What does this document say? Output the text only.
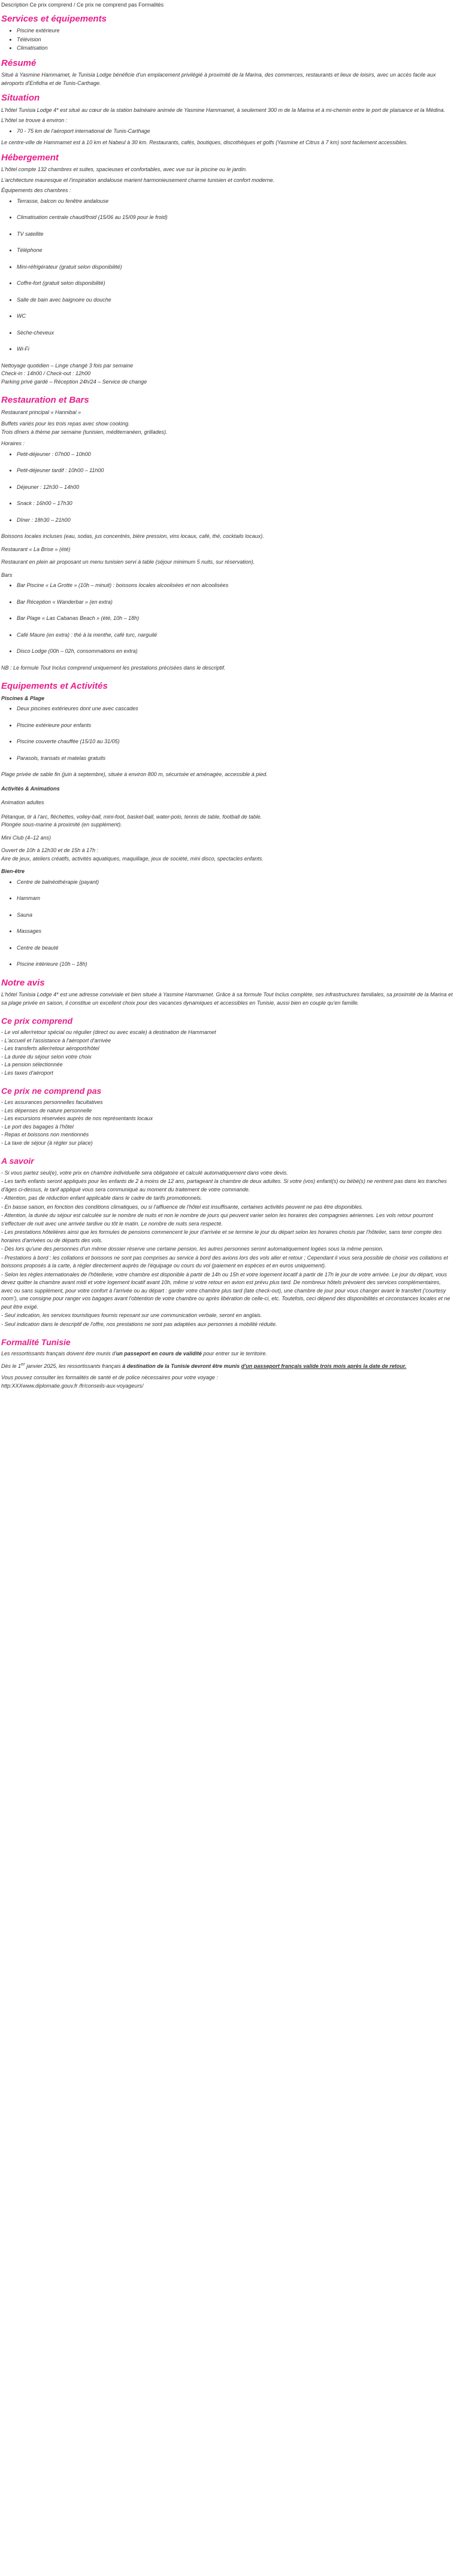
Description Ce prix comprend / Ce prix ne comprend pas Formalités

Services et équipements
• Piscine extérieure
• Télévision
• Climatisation
Résumé

Situé à Yasmine Hammamet, le Tunisia Lodge bénéficie d'un emplacement privilégié à proximité de la Marina, des commerces, restaurants et lieux de loisirs, avec un accès facile aux aéroports d'Enfidha et de Tunis-Carthage.

Situation

L'hôtel Tunisia Lodge 4* est situé au cœur de la station balnéaire animée de Yasmine Hammamet, à seulement 300 m de la Marina et à mi-chemin entre le port de plaisance et la Médina.

L'hôtel se trouve à environ :

• 70 - 75 km de l'aéroport international de Tunis-Carthage

Le centre-ville de Hammamet est à 10 km et Nabeul à 30 km. Restaurants, cafés, boutiques, discothèques et golfs (Yasmine et Citrus à 7 km) sont facilement accessibles.

Hébergement

L'hôtel compte 132 chambres et suites, spacieuses et confortables, avec vue sur la piscine ou le jardin.

L'architecture mauresque et l'inspiration andalouse marient harmonieusement charme tunisien et confort moderne.

Équipements des chambres :

• Terrasse, balcon ou fenêtre andalouse
• Climatisation centrale chaud/froid (15/06 au 15/09 pour le froid)
• TV satellite
• Téléphone
• Mini-réfrigérateur (gratuit selon disponibilité)
• Coffre-fort (gratuit selon disponibilité)
• Salle de bain avec baignoire ou douche
• WC
• Sèche-cheveux
• Wi-Fi

Nettoyage quotidien – Linge changé 3 fois par semaine

Check-in : 14h00 / Check-out : 12h00

Parking privé gardé – Réception 24h/24 – Service de change

Restauration et Bars

Restaurant principal « Hannibal »

Buffets variés pour les trois repas avec show cooking.

Trois dîners à thème par semaine (tunisien, méditerranéen, grillades).

Horaires :

• Petit-déjeuner : 07h00 – 10h00
• Petit-déjeuner tardif : 10h00 – 11h00
• Déjeuner : 12h30 – 14h00
• Snack : 16h00 – 17h30
• Dîner : 18h30 – 21h00

Boissons locales incluses (eau, sodas, jus concentrés, bière pression, vins locaux, café, thé, cocktails locaux).

Restaurant « La Brise » (été)

Restaurant en plein air proposant un menu tunisien servi à table (séjour minimum 5 nuits, sur réservation).

Bars

• Bar Piscine « La Grotte » (10h – minuit) : boissons locales alcoolisées et non alcoolisées
• Bar Réception « Wanderbar » (en extra)
• Bar Plage « Las Cabanas Beach » (été, 10h – 18h)
• Café Maure (en extra) : thé à la menthe, café turc, narguilé
• Disco Lodge (00h – 02h, consommations en extra)

NB : Le formule Tout Inclus comprend uniquement les prestations précisées dans le descriptif.

Equipements et Activités

Piscines & Plage

• Deux piscines extérieures dont une avec cascades
• Piscine extérieure pour enfants
• Piscine couverte chauffée (15/10 au 31/05)
• Parasols, transats et matelas gratuits

Plage privée de sable fin (juin à septembre), située à environ 800 m, sécurisée et aménagée, accessible à pied.

Activités & Animations

Animation adultes

Pétanque, tir à l'arc, fléchettes, volley-ball, mini-foot, basket-ball, water-polo, tennis de table, football de table.

Plongée sous-marine à proximité (en supplément).

Mini Club (4–12 ans)

Ouvert de 10h à 12h30 et de 15h à 17h :

Aire de jeux, ateliers créatifs, activités aquatiques, maquillage, jeux de société, mini disco, spectacles enfants.

Bien-être

• Centre de balnéothérapie (payant)
• Hammam
• Sauna
• Massages
• Centre de beauté
• Piscine intérieure (10h – 18h)
Notre avis

L'hôtel Tunisia Lodge 4* est une adresse conviviale et bien située à Yasmine Hammamet. Grâce à sa formule Tout Inclus complète, ses infrastructures familiales, sa proximité de la Marina et sa plage privée en saison, il constitue un excellent choix pour des vacances dynamiques et accessibles en Tunisie, aussi bien en couple qu'en famille.

Ce prix comprend

- Le vol aller/retour spécial ou régulier (direct ou avec escale) à destination de Hammamet

- L'accueil et l'assistance à l'aéroport d'arrivée

- Les transferts aller/retour aéroport/hôtel

- La durée du séjour selon votre choix

- La pension sélectionnée

- Les taxes d'aéroport

Ce prix ne comprend pas

- Les assurances personnelles facultatives

- Les dépenses de nature personnelle

- Les excursions réservées auprès de nos représentants locaux

- Le port des bagages à l'hôtel

- Repas et boissons non mentionnés

- La taxe de séjour (à régler sur place)

A savoir

- Si vous partez seul(e), votre prix en chambre individuelle sera obligatoire et calculé automatiquement dans votre devis.

- Les tarifs enfants seront appliqués pour les enfants de 2 à moins de 12 ans, partageant la chambre de deux adultes. Si votre (vos) enfant(s) ou bébé(s) ne rentrent pas dans les tranches d'âges ci-dessus, le tarif appliqué vous sera communiqué au moment du traitement de votre commande.

- Attention, pas de réduction enfant applicable dans le cadre de tarifs promotionnels.

- En basse saison, en fonction des conditions climatiques, ou si l'affluence de l'hôtel est insuffisante, certaines activités peuvent ne pas être disponibles.

- Attention, la durée du séjour est calculée sur le nombre de nuits et non le nombre de jours qui peuvent varier selon les horaires des compagnies aériennes. Les vols retour pourront s'effectuer de nuit avec une arrivée tardive ou tôt le matin. Le nombre de nuits sera respecté.

- Les prestations hôtelières ainsi que les formules de pensions commencent le jour d'arrivée et se termine le jour du départ selon les horaires choisis par l'hôtelier, sans tenir compte des horaires d'arrivées ou de départs des vols.

- Dès lors qu'une des personnes d'un même dossier réserve une certaine pension, les autres personnes seront automatiquement logées sous la même pension.

- Prestations à bord : les collations et boissons ne sont pas comprises au service à bord des avions lors des vols aller et retour ; Cependant il vous sera possible de choisir vos collations et boissons proposés à la carte, à régler directement auprès de l'équipage ou cours du vol (paiement en espèces et en euros uniquement).

- Selon les règles internationales de l'hôtellerie, votre chambre est disponible à partir de 14h ou 15h et votre logement locatif à partir de 17h le jour de votre arrivée. Le jour du départ, vous devez quitter la chambre avant midi et votre logement locatif avant 10h, même si votre retour en avion est prévu plus tard. De nombreux hôtels prévoient des services complémentaires, avec ou sans supplément, pour votre confort à l'arrivée ou au départ : garder votre chambre plus tard (late check-out), une chambre de jour pour vous changer avant le transfert ('courtesy room'), une consigne pour ranger vos bagages avant l'obtention de votre chambre ou après libération de celle-ci, etc. Toutefois, ceci dépend des disponibilités et circonstances locales et ne peut être exigé.

- Seul indication, les services touristiques fournis reposant sur une communication verbale, seront en anglais.

- Seul indication dans le descriptif de l'offre, nos prestations ne sont pas adaptées aux personnes à mobilité réduite.

Formalité Tunisie

Les ressortissants français doivent être munis d'un passeport en cours de validité pour entrer sur le territoire.

Dès le 1er janvier 2025, les ressortissants français à destination de la Tunisie devront être munis d'un passeport français valide trois mois après la date de retour.

Vous pouvez consulter les formalités de santé et de police nécessaires pour votre voyage :

http:XXXwww.diplomatie.gouv.fr /fr/conseils-aux-voyageurs/
